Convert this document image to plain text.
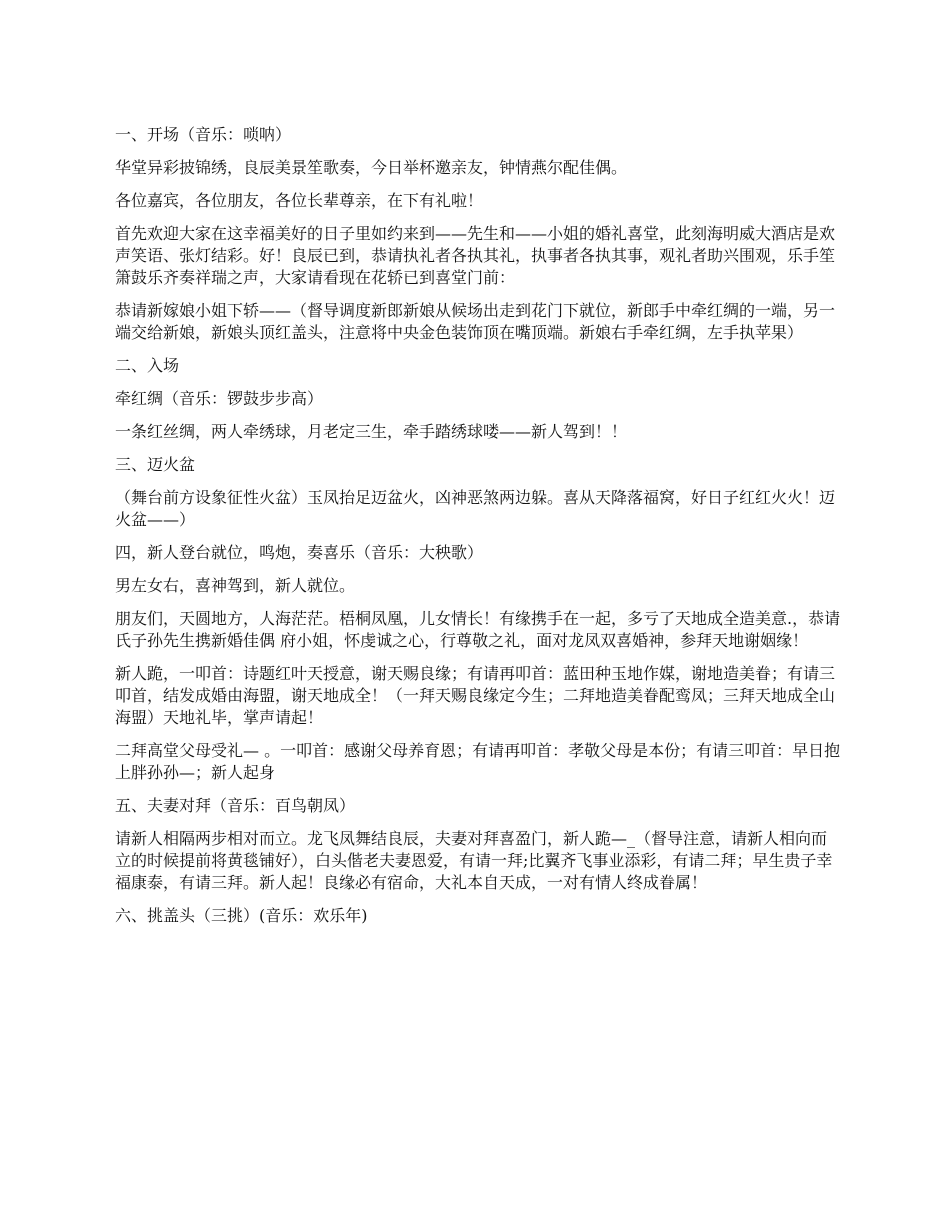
一、开场（音乐：唢呐）

华堂异彩披锦绣，良辰美景笙歌奏，今日举杯邀亲友，钟情燕尔配佳偶。

各位嘉宾，各位朋友，各位长辈尊亲，在下有礼啦！

首先欢迎大家在这幸福美好的日子里如约来到——先生和——小姐的婚礼喜堂，此刻海明威大酒店是欢声笑语、张灯结彩。好！良辰已到，恭请执礼者各执其礼，执事者各执其事，观礼者助兴围观，乐手笙箫鼓乐齐奏祥瑞之声，大家请看现在花轿已到喜堂门前：

恭请新嫁娘小姐下轿——（督导调度新郎新娘从候场出走到花门下就位，新郎手中牵红绸的一端，另一端交给新娘，新娘头顶红盖头，注意将中央金色装饰顶在嘴顶端。新娘右手牵红绸，左手执苹果）

二、入场

牵红绸（音乐：锣鼓步步高）

一条红丝绸，两人牵绣球，月老定三生，牵手踏绣球喽——新人驾到！！

三、迈火盆

（舞台前方设象征性火盆）玉凤抬足迈盆火，凶神恶煞两边躲。喜从天降落福窝，好日子红红火火！迈火盆——）

四，新人登台就位，鸣炮，奏喜乐（音乐：大秧歌）

男左女右，喜神驾到，新人就位。

朋友们，天圆地方，人海茫茫。梧桐凤凰，儿女情长！有缘携手在一起，多亏了天地成全造美意.，恭请 氏子孙先生携新婚佳偶 府小姐，怀虔诚之心，行尊敬之礼，面对龙凤双喜婚神，参拜天地谢姻缘！

新人跪，一叩首：诗题红叶天授意，谢天赐良缘；有请再叩首：蓝田种玉地作媒，谢地造美眷；有请三叩首，结发成婚由海盟，谢天地成全！（一拜天赐良缘定今生；二拜地造美眷配鸾凤；三拜天地成全山海盟）天地礼毕，掌声请起！

二拜高堂父母受礼— 。一叩首：感谢父母养育恩；有请再叩首：孝敬父母是本份；有请三叩首：早日抱上胖孙孙—；新人起身

五、夫妻对拜（音乐：百鸟朝凤）

请新人相隔两步相对而立。龙飞凤舞结良辰，夫妻对拜喜盈门，新人跪—_（督导注意，请新人相向而立的时候提前将黄毯铺好），白头偕老夫妻恩爱，有请一拜;比翼齐飞事业添彩，有请二拜；早生贵子幸福康泰，有请三拜。新人起！良缘必有宿命，大礼本自天成，一对有情人终成眷属！

六、挑盖头（三挑）(音乐：欢乐年)
